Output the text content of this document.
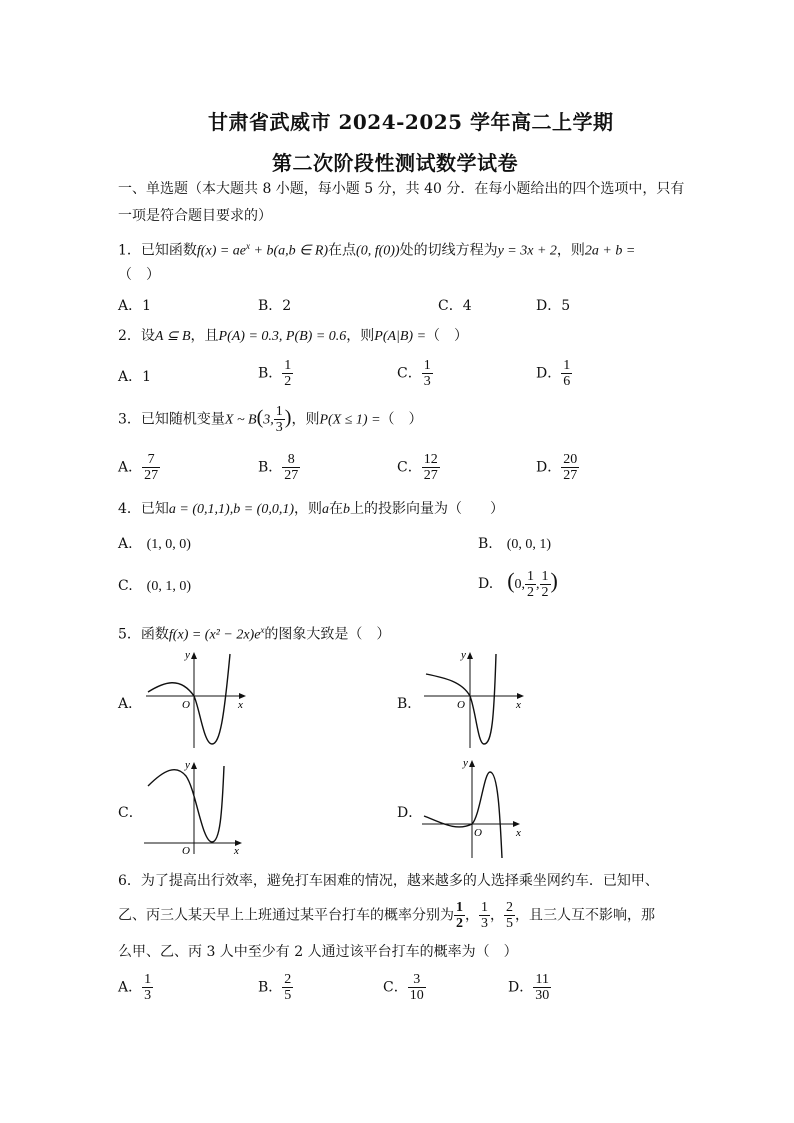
甘肃省武威市 2024-2025 学年高二上学期
第二次阶段性测试数学试卷
一、单选题（本大题共 8 小题，每小题 5 分，共 40 分．在每小题给出的四个选项中，只有
一项是符合题目要求的）
1．已知函数$f(x) = ae^x + b(a,b$ ∈ R)在点(0, f(0))处的切线方程为y = 3x + 2，则2a + b =
（　）
A．1	B．2	C．4	D．5
2．设A ⊆ B，且P(A) = 0.3, P(B) = 0.6，则P(A|B) =（　）
A．1	B． $\frac{1}{2}$	C． $\frac{1}{3}$	D． $\frac{1}{6}$
3．已知随机变量X ~ B(3, $\frac{1}{3}$ )，则P(X ≤ 1) =（　）
A． $\frac{7}{27}$	B． $\frac{8}{27}$	C． $\frac{12}{27}$	D． $\frac{20}{27}$
4．已知a = (0,1,1),b = (0,0,1)，则a在b上的投影向量为（　　）
A. (1, 0, 0)	B. (0, 0, 1)
C. (0, 1, 0)	D. (0, $\frac{1}{2}$ , $\frac{1}{2}$ )
5．函数$f(x) = (x^2 - 2x)e^x$的图象大致是（　）
A．
y
x
O	B．
y
x
O
C．
y
x
O
D．
y
x
O
6．为了提高出行效率，避免打车困难的情况，越来越多的人选择乘坐网约车．已知甲、
乙、丙三人某天早上上班通过某平台打车的概率分别为 $\frac{1}{2}$ ， $\frac{1}{3}$ ， $\frac{2}{5}$ ，且三人互不影响，那
么甲、乙、丙 3 人中至少有 2 人通过该平台打车的概率为（　）
A． $\frac{1}{3}$	B． $\frac{2}{5}$	C． $\frac{3}{10}$	D． $\frac{11}{30}$
